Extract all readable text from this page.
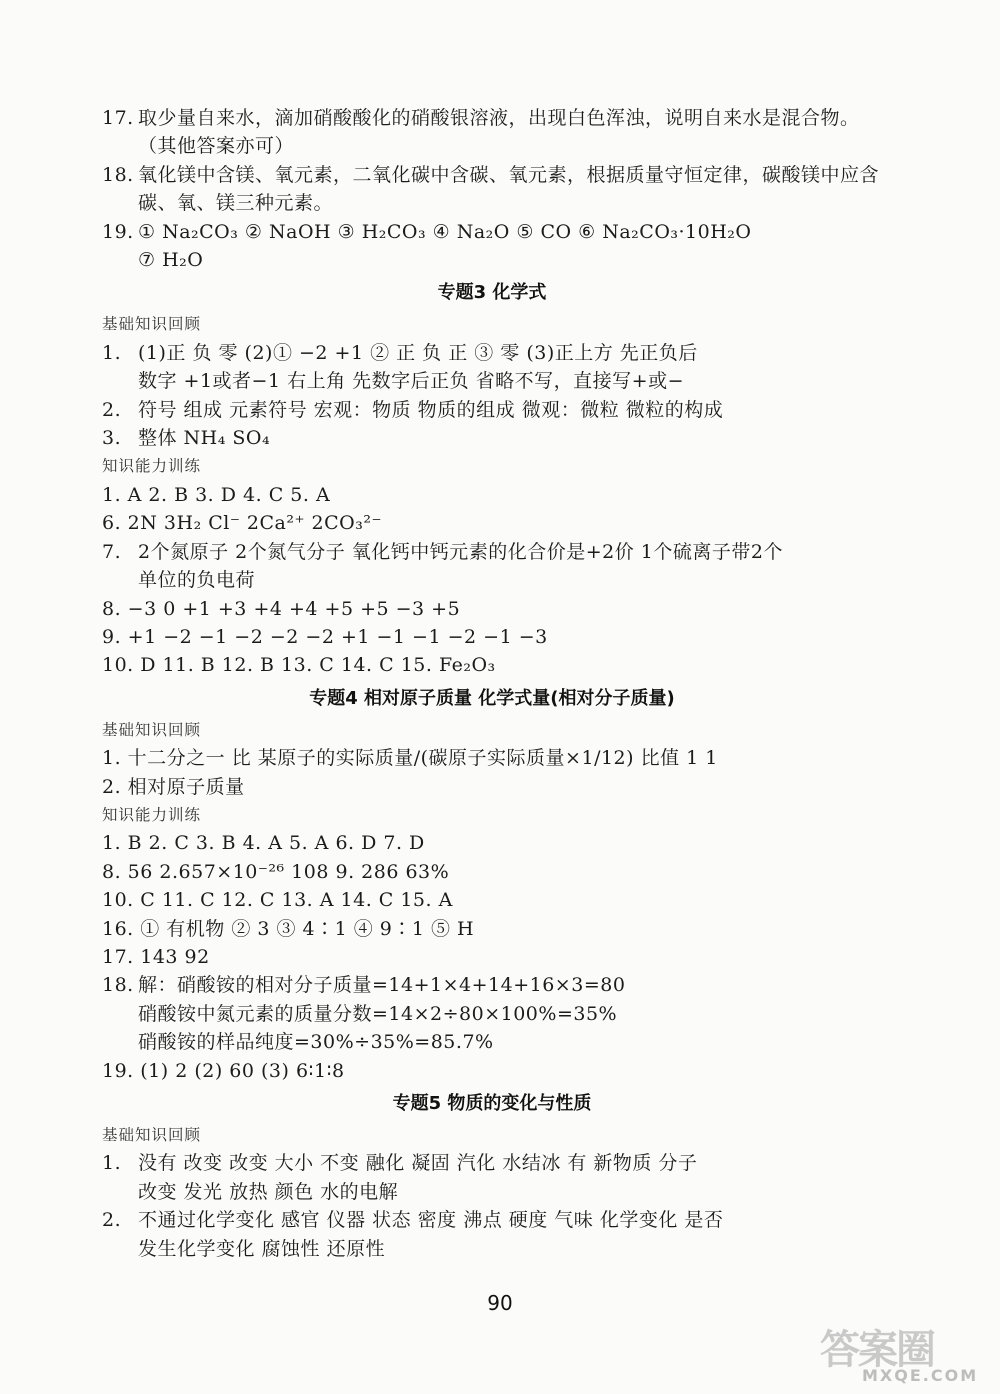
17. 取少量自来水，滴加硝酸酸化的硝酸银溶液，出现白色浑浊，说明自来水是混合物。
（其他答案亦可）
18. 氧化镁中含镁、氧元素，二氧化碳中含碳、氧元素，根据质量守恒定律，碳酸镁中应含
碳、氧、镁三种元素。
19. ① Na₂CO₃ ② NaOH ③ H₂CO₃ ④ Na₂O ⑤ CO ⑥ Na₂CO₃·10H₂O
⑦ H₂O
专题3 化学式
基础知识回顾
1. (1)正 负 零 (2)① −2 +1 ② 正 负 正 ③ 零 (3)正上方 先正负后
数字 +1或者−1 右上角 先数字后正负 省略不写，直接写+或−
2. 符号 组成 元素符号 宏观：物质 物质的组成 微观：微粒 微粒的构成
3. 整体 NH₄ SO₄
知识能力训练
1. A 2. B 3. D 4. C 5. A
6. 2N 3H₂ Cl⁻ 2Ca²⁺ 2CO₃²⁻
7. 2个氮原子 2个氮气分子 氧化钙中钙元素的化合价是+2价 1个硫离子带2个
单位的负电荷
8. −3 0 +1 +3 +4 +4 +5 +5 −3 +5
9. +1 −2 −1 −2 −2 −2 +1 −1 −1 −2 −1 −3
10. D 11. B 12. B 13. C 14. C 15. Fe₂O₃
专题4 相对原子质量 化学式量(相对分子质量)
基础知识回顾
1. 十二分之一 比 某原子的实际质量/(碳原子实际质量×1/12) 比值 1 1
2. 相对原子质量
知识能力训练
1. B 2. C 3. B 4. A 5. A 6. D 7. D
8. 56 2.657×10⁻²⁶ 108 9. 286 63%
10. C 11. C 12. C 13. A 14. C 15. A
16. ① 有机物 ② 3 ③ 4∶1 ④ 9∶1 ⑤ H
17. 143 92
18. 解：硝酸铵的相对分子质量=14+1×4+14+16×3=80
硝酸铵中氮元素的质量分数=14×2÷80×100%=35%
硝酸铵的样品纯度=30%÷35%=85.7%
19. (1) 2 (2) 60 (3) 6∶1∶8
专题5 物质的变化与性质
基础知识回顾
1. 没有 改变 改变 大小 不变 融化 凝固 汽化 水结冰 有 新物质 分子
改变 发光 放热 颜色 水的电解
2. 不通过化学变化 感官 仪器 状态 密度 沸点 硬度 气味 化学变化 是否
发生化学变化 腐蚀性 还原性
90
答案圈
MXQE.COM
